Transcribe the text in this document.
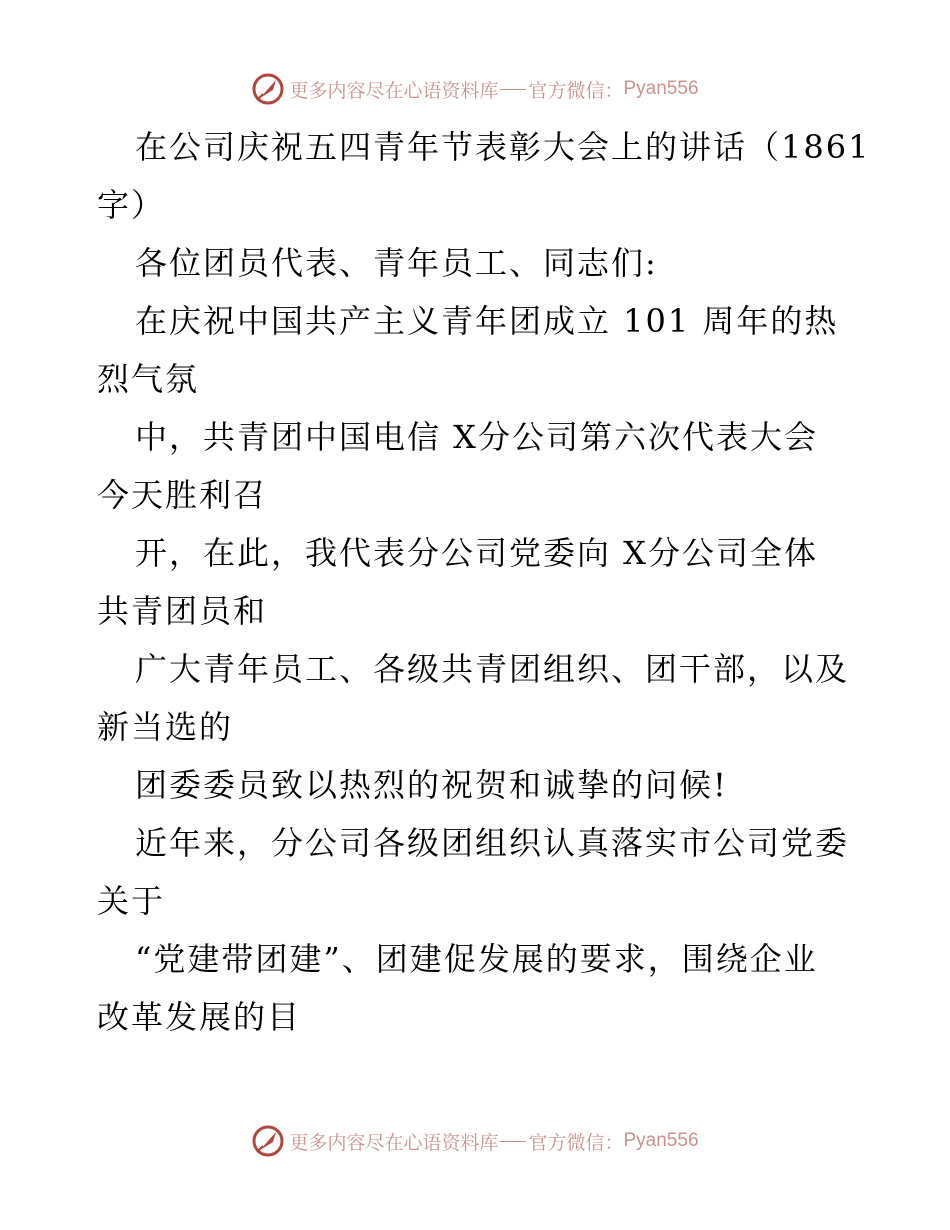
更多内容尽在心语资料库 官方微信： Pyan556
在公司庆祝五四青年节表彰大会上的讲话（1861
字）
各位团员代表、青年员工、同志们:
在庆祝中国共产主义青年团成立 101 周年的热
烈气氛
中，共青团中国电信 X分公司第六次代表大会
今天胜利召
开，在此，我代表分公司党委向 X分公司全体
共青团员和
广大青年员工、各级共青团组织、团干部，以及
新当选的
团委委员致以热烈的祝贺和诚挚的问候!
近年来，分公司各级团组织认真落实市公司党委
关于
“党建带团建”、团建促发展的要求，围绕企业
改革发展的目
更多内容尽在心语资料库 官方微信： Pyan556
